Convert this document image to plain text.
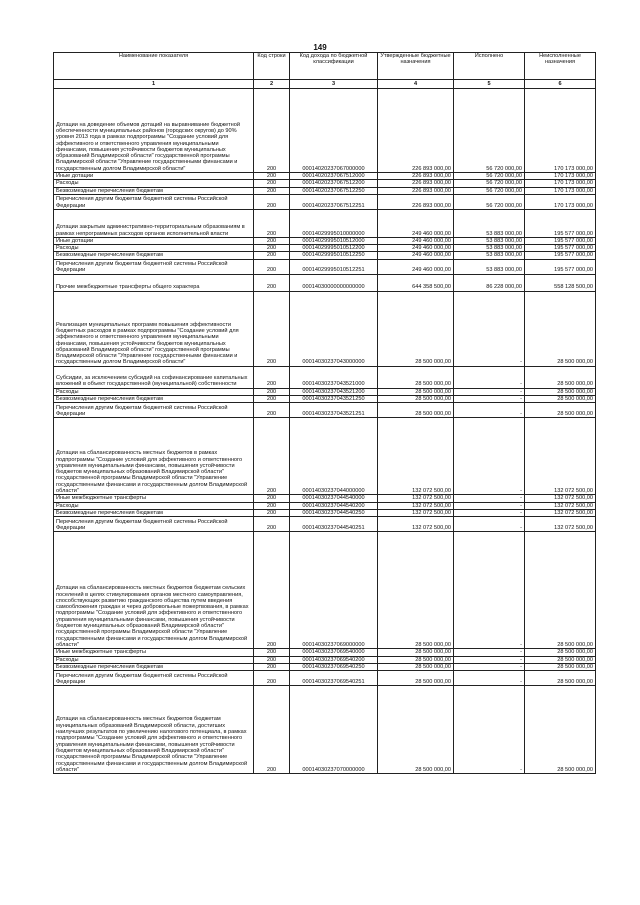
149
Наименование показателя	Код строки	Код дохода по бюджетной классификации	Утвержденные бюджетные назначения	Исполнено	Неисполненные назначения
1	2	3	4	5	6
Дотации на доведение объемов дотаций на выравнивание бюджетной обеспеченности муниципальных районов (городских округов) до 90% уровня 2013 года в рамках подпрограммы "Создание условий для эффективного и ответственного управления муниципальными финансами, повышения устойчивости бюджетов муниципальных образований Владимирской области" государственной программы Владимирской области "Управление государственными финансами и государственным долгом Владимирской области"	200	00014020237067000000	226 893 000,00	56 720 000,00	170 173 000,00
Иные дотации	200	00014020237067512000	226 893 000,00	56 720 000,00	170 173 000,00
Расходы	200	00014020237067512200	226 893 000,00	56 720 000,00	170 173 000,00
Безвозмездные перечисления бюджетам	200	00014020237067512250	226 893 000,00	56 720 000,00	170 173 000,00
Перечисления другим бюджетам бюджетной системы Российской Федерации	200	00014020237067512251	226 893 000,00	56 720 000,00	170 173 000,00
Дотации закрытым административно-территориальным образованиям в рамках непрограммных расходов органов исполнительной власти	200	00014029995010000000	249 460 000,00	53 883 000,00	195 577 000,00
Иные дотации	200	00014029995010512000	249 460 000,00	53 883 000,00	195 577 000,00
Расходы	200	00014029995010512200	249 460 000,00	53 883 000,00	195 577 000,00
Безвозмездные перечисления бюджетам	200	00014029995010512250	249 460 000,00	53 883 000,00	195 577 000,00
Перечисления другим бюджетам бюджетной системы Российской Федерации	200	00014029995010512251	249 460 000,00	53 883 000,00	195 577 000,00
Прочие межбюджетные трансферты общего характера	200	00014030000000000000	644 358 500,00	86 228 000,00	558 128 500,00
Реализация муниципальных программ повышения эффективности бюджетных расходов в рамках подпрограммы "Создание условий для эффективного и ответственного управления муниципальными финансами, повышения устойчивости бюджетов муниципальных образований Владимирской области" государственной программы Владимирской области "Управление государственными финансами и государственным долгом Владимирской области"	200	00014030237043000000	28 500 000,00	-	28 500 000,00
Субсидии, за исключением субсидий на софинансирование капитальных вложений в объект государственной (муниципальной) собственности	200	00014030237043521000	28 500 000,00	-	28 500 000,00
Расходы	200	00014030237043521200	28 500 000,00	-	28 500 000,00
Безвозмездные перечисления бюджетам	200	00014030237043521250	28 500 000,00	-	28 500 000,00
Перечисления другим бюджетам бюджетной системы Российской Федерации	200	00014030237043521251	28 500 000,00	-	28 500 000,00
Дотации на сбалансированность местных бюджетов в рамках подпрограммы "Создание условий для эффективного и ответственного управления муниципальными финансами, повышения устойчивости бюджетов муниципальных образований Владимирской области" государственной программы Владимирской области "Управление государственными финансами и государственным долгом Владимирской области"	200	00014030237044000000	132 072 500,00	-	132 072 500,00
Иные межбюджетные трансферты	200	00014030237044540000	132 072 500,00	-	132 072 500,00
Расходы	200	00014030237044540200	132 072 500,00	-	132 072 500,00
Безвозмездные перечисления бюджетам	200	00014030237044540250	132 072 500,00	-	132 072 500,00
Перечисления другим бюджетам бюджетной системы Российской Федерации	200	00014030237044540251	132 072 500,00	-	132 072 500,00
Дотации на сбалансированность местных бюджетов бюджетам сельских поселений в целях стимулирования органов местного самоуправления, способствующих развитию гражданского общества путем введения самообложения граждан и через добровольные пожертвования, в рамках подпрограммы "Создание условий для эффективного и ответственного управления муниципальными финансами, повышения устойчивости бюджетов муниципальных образований Владимирской области" государственной программы Владимирской области "Управление государственными финансами и государственным долгом Владимирской области"	200	00014030237069000000	28 500 000,00	-	28 500 000,00
Иные межбюджетные трансферты	200	00014030237069540000	28 500 000,00	-	28 500 000,00
Расходы	200	00014030237069540200	28 500 000,00	-	28 500 000,00
Безвозмездные перечисления бюджетам	200	00014030237069540250	28 500 000,00	-	28 500 000,00
Перечисления другим бюджетам бюджетной системы Российской Федерации	200	00014030237069540251	28 500 000,00	-	28 500 000,00
Дотации на сбалансированность местных бюджетов бюджетам муниципальных образований Владимирской области, достигших наилучших результатов по увеличению налогового потенциала, в рамках подпрограммы "Создание условий для эффективного и ответственного управления муниципальными финансами, повышения устойчивости бюджетов муниципальных образований Владимирской области" государственной программы Владимирской области "Управление государственными финансами и государственным долгом Владимирской области"	200	00014030237070000000	28 500 000,00	-	28 500 000,00
